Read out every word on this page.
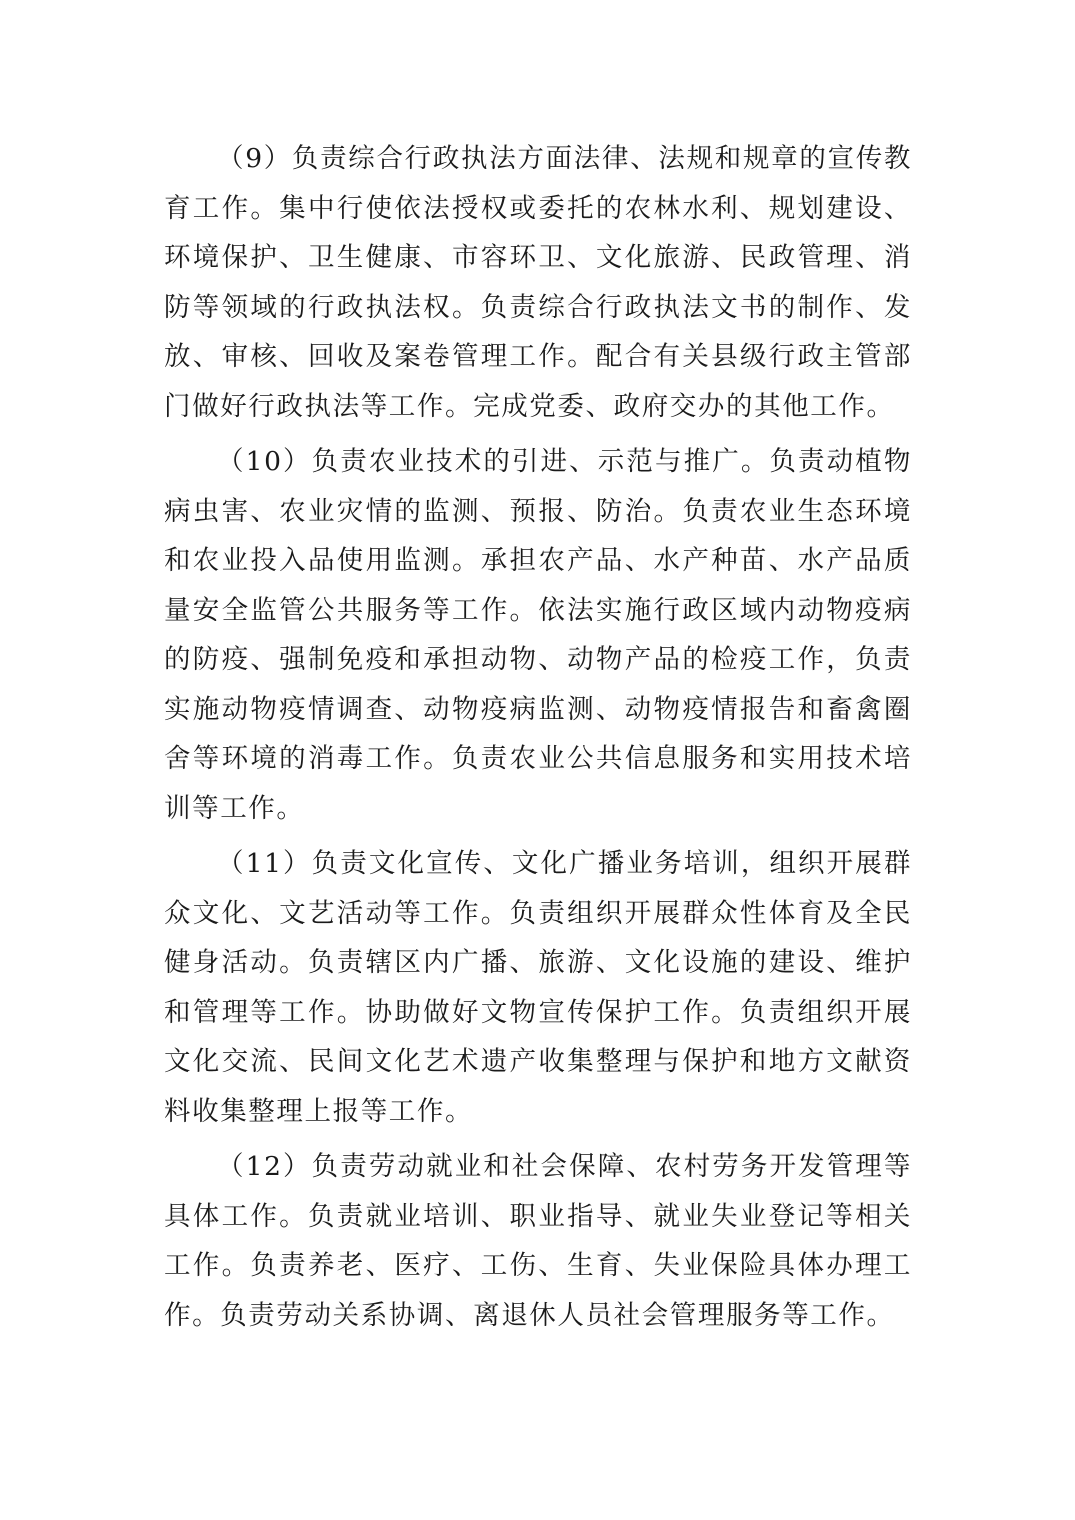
（9）负责综合行政执法方面法律、法规和规章的宣传教育工作。集中行使依法授权或委托的农林水利、规划建设、环境保护、卫生健康、市容环卫、文化旅游、民政管理、消防等领域的行政执法权。负责综合行政执法文书的制作、发放、审核、回收及案卷管理工作。配合有关县级行政主管部门做好行政执法等工作。完成党委、政府交办的其他工作。

（10）负责农业技术的引进、示范与推广。负责动植物病虫害、农业灾情的监测、预报、防治。负责农业生态环境和农业投入品使用监测。承担农产品、水产种苗、水产品质量安全监管公共服务等工作。依法实施行政区域内动物疫病的防疫、强制免疫和承担动物、动物产品的检疫工作，负责实施动物疫情调查、动物疫病监测、动物疫情报告和畜禽圈舍等环境的消毒工作。负责农业公共信息服务和实用技术培训等工作。

（11）负责文化宣传、文化广播业务培训，组织开展群众文化、文艺活动等工作。负责组织开展群众性体育及全民健身活动。负责辖区内广播、旅游、文化设施的建设、维护和管理等工作。协助做好文物宣传保护工作。负责组织开展文化交流、民间文化艺术遗产收集整理与保护和地方文献资料收集整理上报等工作。

（12）负责劳动就业和社会保障、农村劳务开发管理等具体工作。负责就业培训、职业指导、就业失业登记等相关工作。负责养老、医疗、工伤、生育、失业保险具体办理工作。负责劳动关系协调、离退休人员社会管理服务等工作。
